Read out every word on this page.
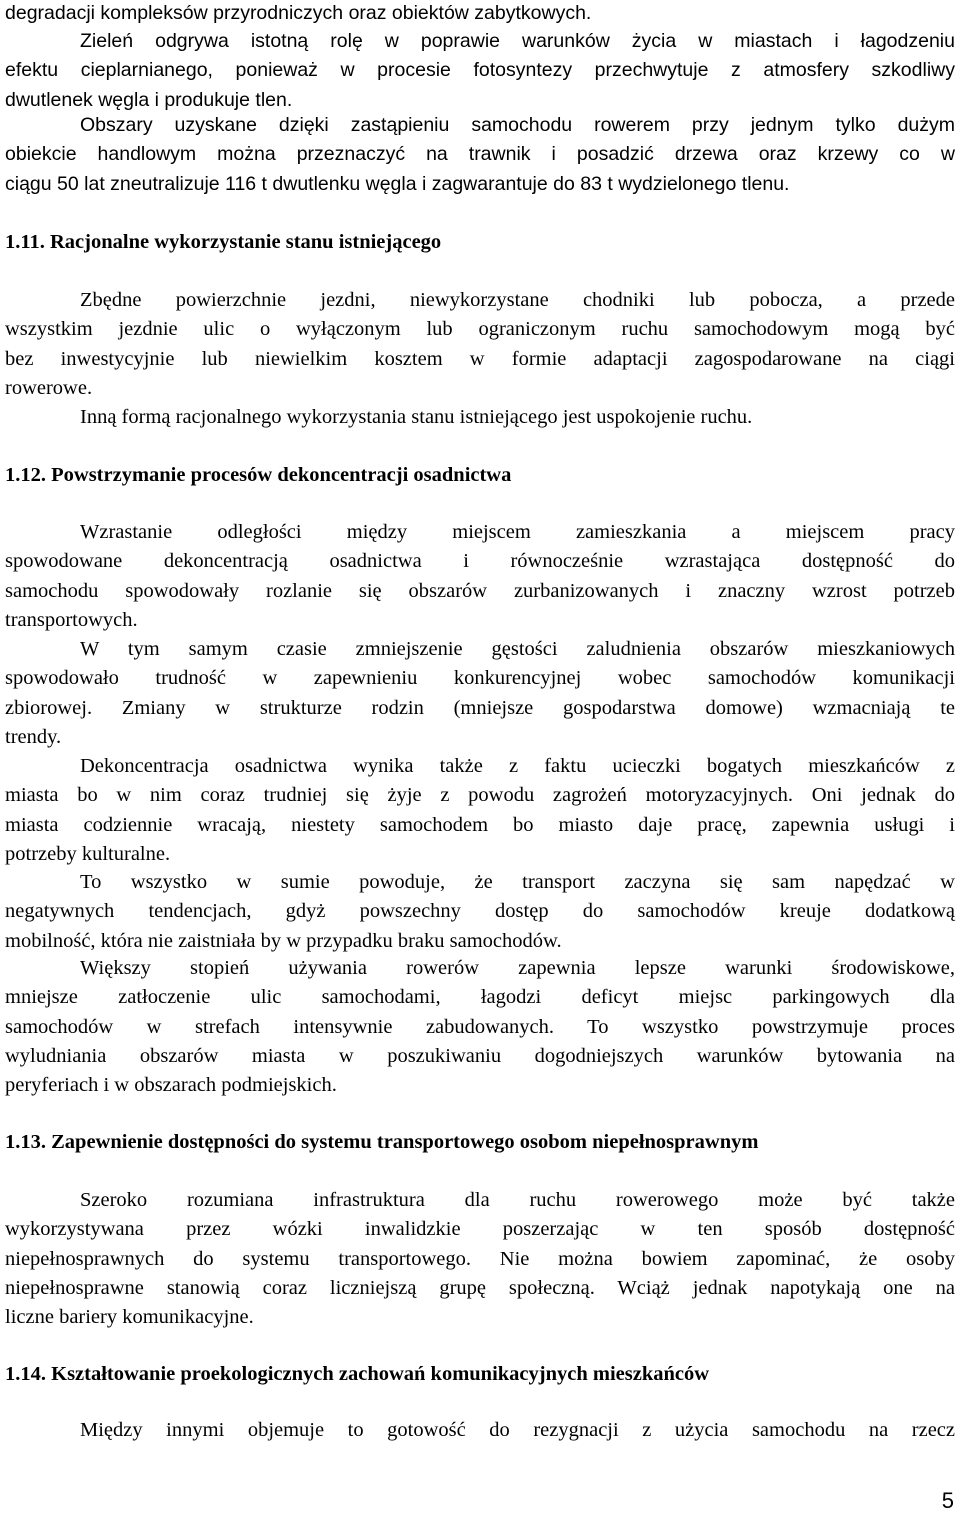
degradacji kompleksów przyrodniczych oraz obiektów zabytkowych.
Zieleń odgrywa istotną rolę w poprawie warunków życia w miastach i łagodzeniu
efektu cieplarnianego, ponieważ w procesie fotosyntezy przechwytuje z atmosfery szkodliwy
dwutlenek węgla i produkuje tlen.
Obszary uzyskane dzięki zastąpieniu samochodu rowerem przy jednym tylko dużym
obiekcie handlowym można przeznaczyć na trawnik i posadzić drzewa oraz krzewy co w
ciągu 50 lat zneutralizuje 116 t dwutlenku węgla i zagwarantuje do 83 t wydzielonego tlenu.
1.11. Racjonalne wykorzystanie stanu istniejącego
Zbędne powierzchnie jezdni, niewykorzystane chodniki lub pobocza, a przede
wszystkim jezdnie ulic o wyłączonym lub ograniczonym ruchu samochodowym mogą być
bez inwestycyjnie lub niewielkim kosztem w formie adaptacji zagospodarowane na ciągi
rowerowe.
Inną formą racjonalnego wykorzystania stanu istniejącego jest uspokojenie ruchu.
1.12. Powstrzymanie procesów dekoncentracji osadnictwa
Wzrastanie odległości między miejscem zamieszkania a miejscem pracy
spowodowane dekoncentracją osadnictwa i równocześnie wzrastająca dostępność do
samochodu spowodowały rozlanie się obszarów zurbanizowanych i znaczny wzrost potrzeb
transportowych.
W tym samym czasie zmniejszenie gęstości zaludnienia obszarów mieszkaniowych
spowodowało trudność w zapewnieniu konkurencyjnej wobec samochodów komunikacji
zbiorowej. Zmiany w strukturze rodzin (mniejsze gospodarstwa domowe) wzmacniają te
trendy.
Dekoncentracja osadnictwa wynika także z faktu ucieczki bogatych mieszkańców z
miasta bo w nim coraz trudniej się żyje z powodu zagrożeń motoryzacyjnych. Oni jednak do
miasta codziennie wracają, niestety samochodem bo miasto daje pracę, zapewnia usługi i
potrzeby kulturalne.
To wszystko w sumie powoduje, że transport zaczyna się sam napędzać w
negatywnych tendencjach, gdyż powszechny dostęp do samochodów kreuje dodatkową
mobilność, która nie zaistniała by w przypadku braku samochodów.
Większy stopień używania rowerów zapewnia lepsze warunki środowiskowe,
mniejsze zatłoczenie ulic samochodami, łagodzi deficyt miejsc parkingowych dla
samochodów w strefach intensywnie zabudowanych. To wszystko powstrzymuje proces
wyludniania obszarów miasta w poszukiwaniu dogodniejszych warunków bytowania na
peryferiach i w obszarach podmiejskich.
1.13. Zapewnienie dostępności do systemu transportowego osobom niepełnosprawnym
Szeroko rozumiana infrastruktura dla ruchu rowerowego może być także
wykorzystywana przez wózki inwalidzkie poszerzając w ten sposób dostępność
niepełnosprawnych do systemu transportowego. Nie można bowiem zapominać, że osoby
niepełnosprawne stanowią coraz liczniejszą grupę społeczną. Wciąż jednak napotykają one na
liczne bariery komunikacyjne.
1.14. Kształtowanie proekologicznych zachowań komunikacyjnych mieszkańców
Między innymi objemuje to gotowość do rezygnacji z użycia samochodu na rzecz
5
